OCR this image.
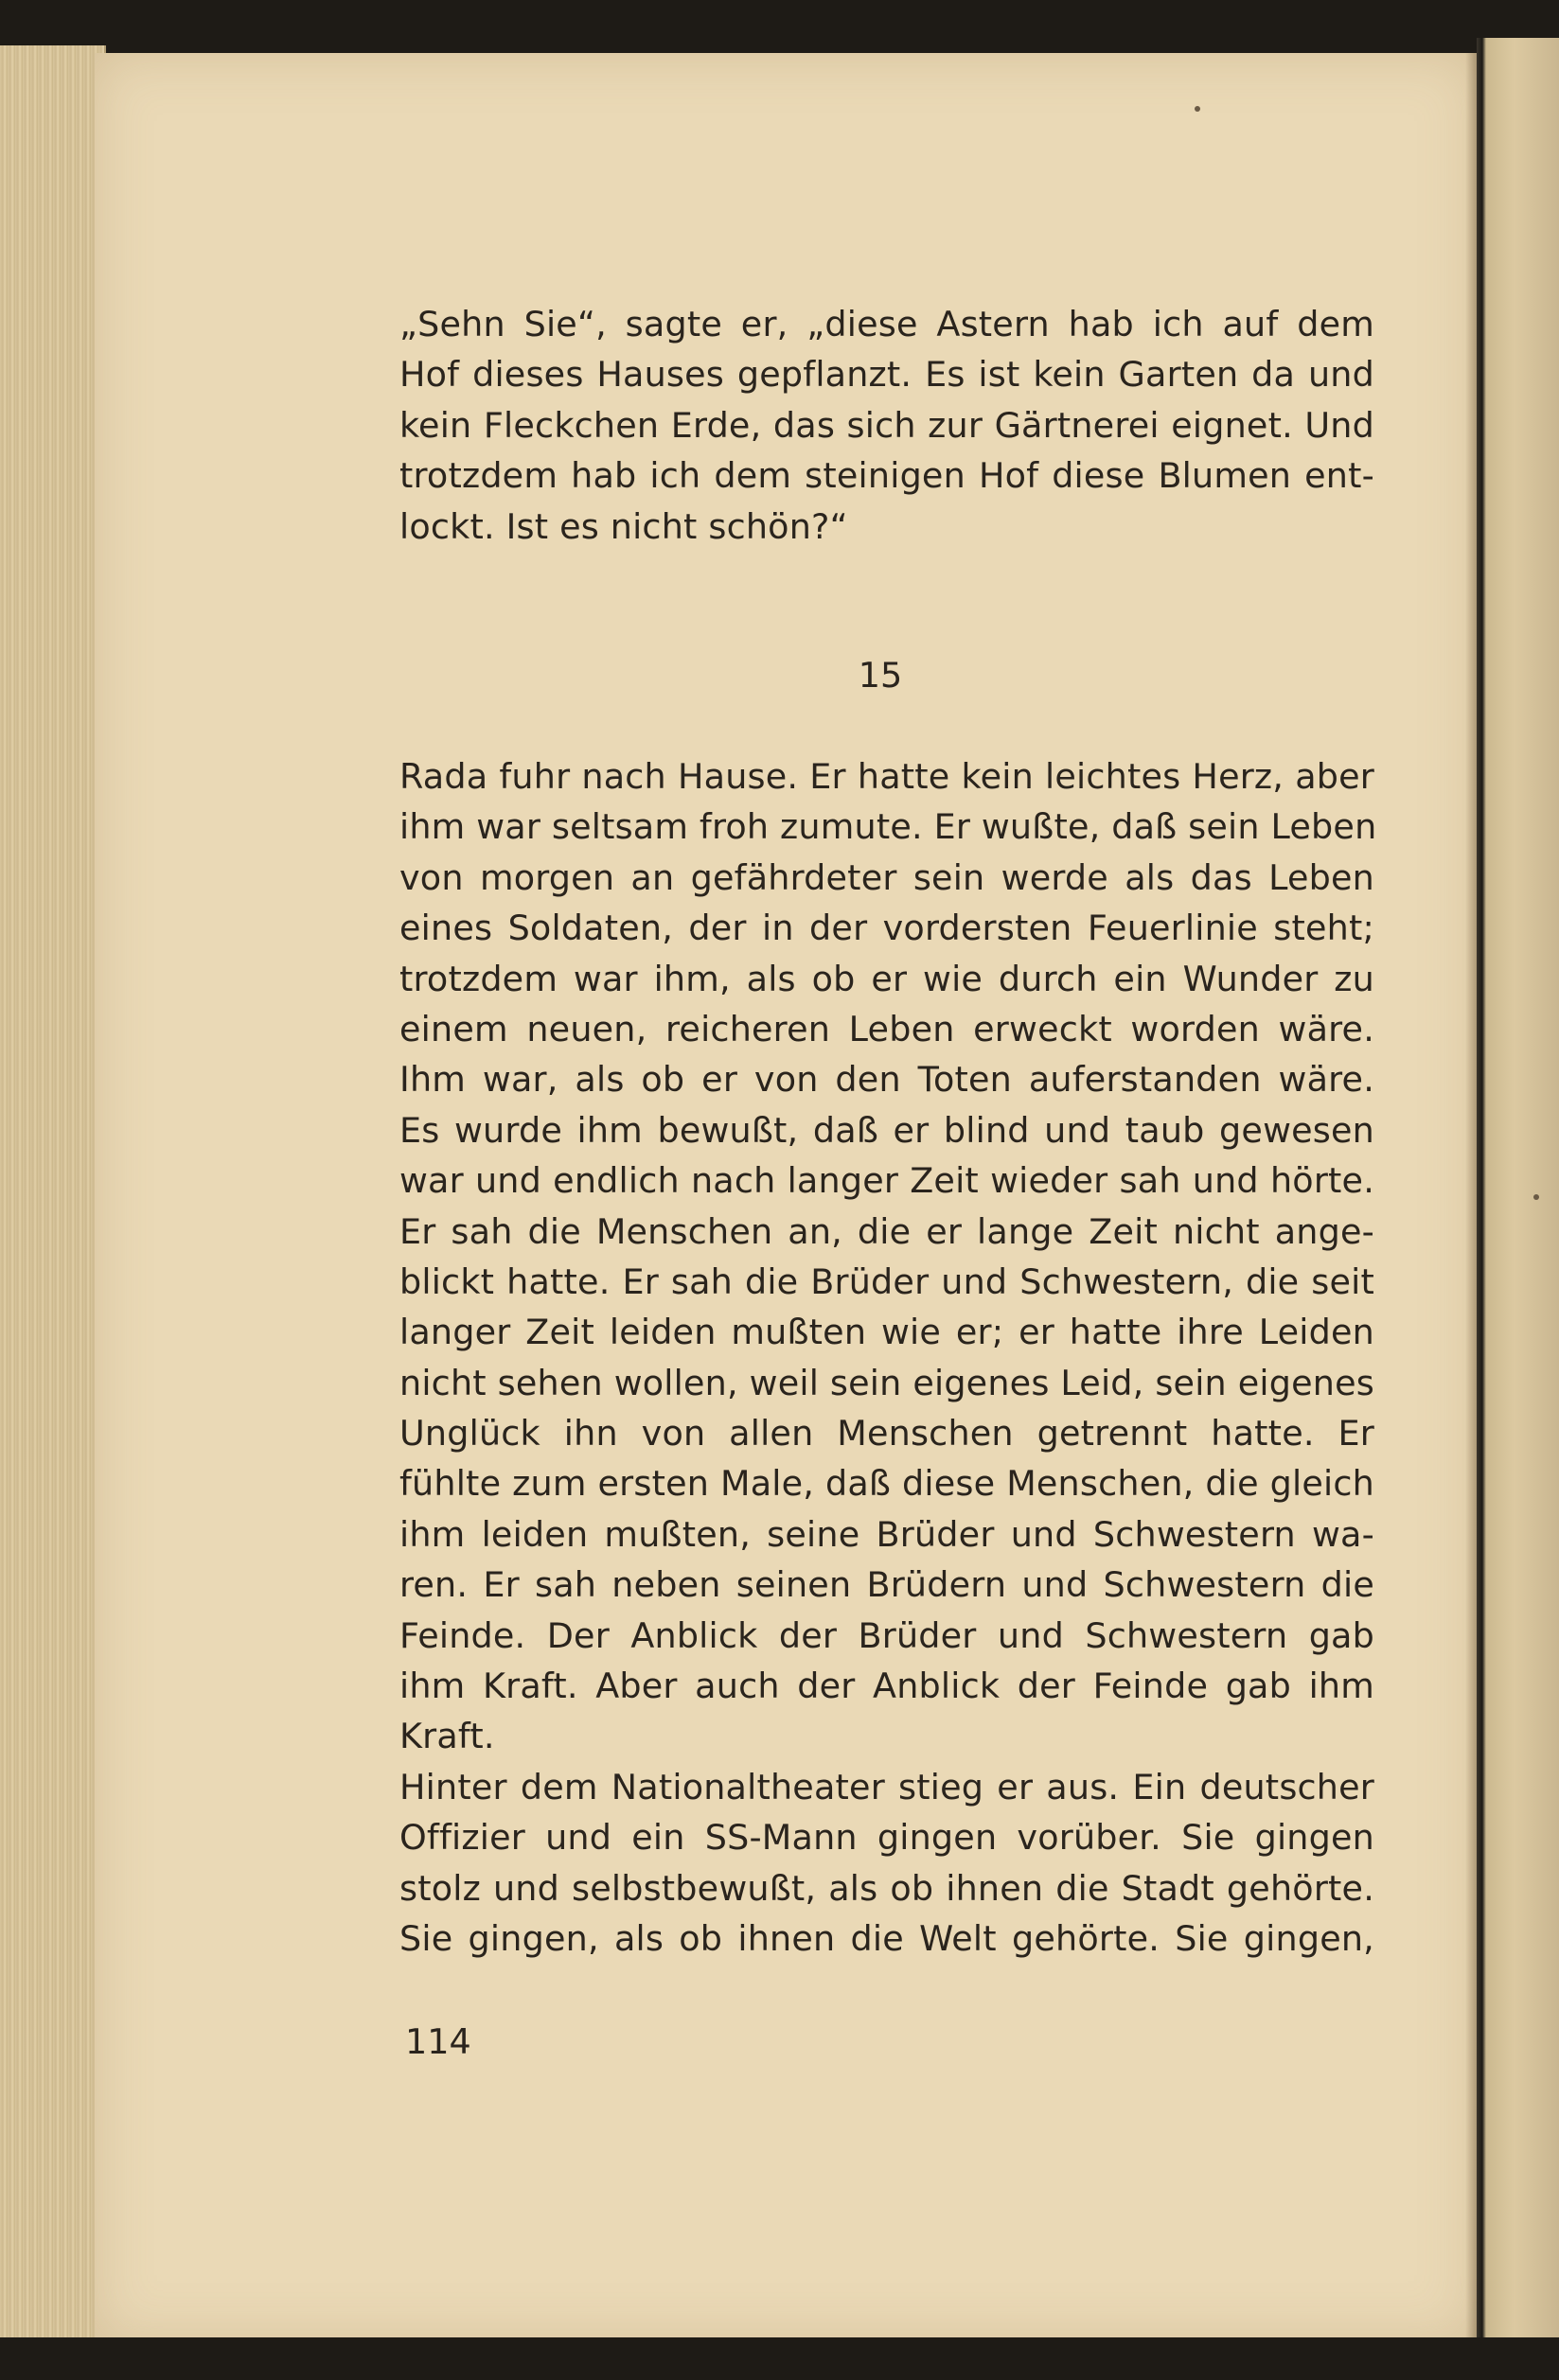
„Sehn Sie“, sagte er, „diese Astern hab ich auf dem
Hof dieses Hauses gepflanzt. Es ist kein Garten da und
kein Fleckchen Erde, das sich zur Gärtnerei eignet. Und
trotzdem hab ich dem steinigen Hof diese Blumen ent-
lockt. Ist es nicht schön?“
15
Rada fuhr nach Hause. Er hatte kein leichtes Herz, aber
ihm war seltsam froh zumute. Er wußte, daß sein Leben
von morgen an gefährdeter sein werde als das Leben
eines Soldaten, der in der vordersten Feuerlinie steht;
trotzdem war ihm, als ob er wie durch ein Wunder zu
einem neuen, reicheren Leben erweckt worden wäre.
Ihm war, als ob er von den Toten auferstanden wäre.
Es wurde ihm bewußt, daß er blind und taub gewesen
war und endlich nach langer Zeit wieder sah und hörte.
Er sah die Menschen an, die er lange Zeit nicht ange-
blickt hatte. Er sah die Brüder und Schwestern, die seit
langer Zeit leiden mußten wie er; er hatte ihre Leiden
nicht sehen wollen, weil sein eigenes Leid, sein eigenes
Unglück ihn von allen Menschen getrennt hatte. Er
fühlte zum ersten Male, daß diese Menschen, die gleich
ihm leiden mußten, seine Brüder und Schwestern wa-
ren. Er sah neben seinen Brüdern und Schwestern die
Feinde. Der Anblick der Brüder und Schwestern gab
ihm Kraft. Aber auch der Anblick der Feinde gab ihm
Kraft.
Hinter dem Nationaltheater stieg er aus. Ein deutscher
Offizier und ein SS-Mann gingen vorüber. Sie gingen
stolz und selbstbewußt, als ob ihnen die Stadt gehörte.
Sie gingen, als ob ihnen die Welt gehörte. Sie gingen,
114
